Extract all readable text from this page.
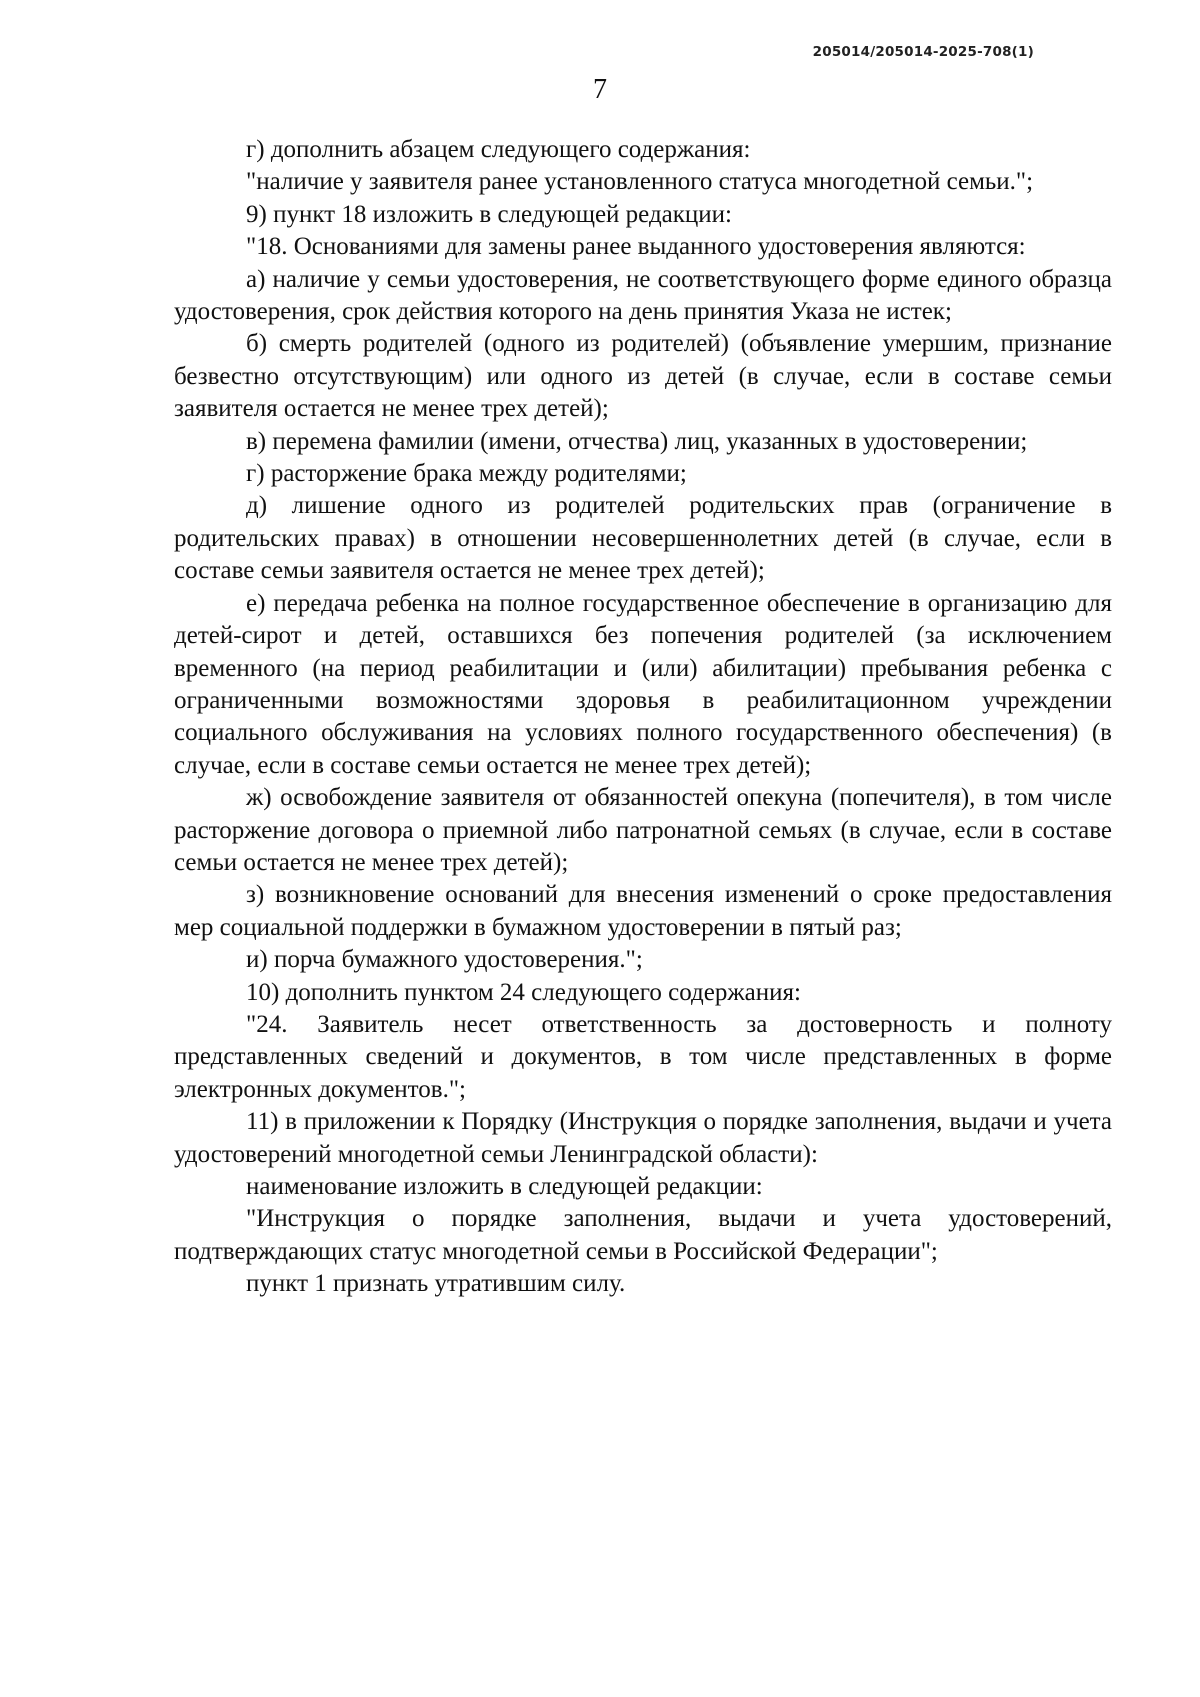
205014/205014-2025-708(1)
7

г) дополнить абзацем следующего содержания:

"наличие у заявителя ранее установленного статуса многодетной семьи.";

9) пункт 18 изложить в следующей редакции:

"18. Основаниями для замены ранее выданного удостоверения являются:

а) наличие у семьи удостоверения, не соответствующего форме единого образца удостоверения, срок действия которого на день принятия Указа не истек;

б) смерть родителей (одного из родителей) (объявление умершим, признание безвестно отсутствующим) или одного из детей (в случае, если в составе семьи заявителя остается не менее трех детей);

в) перемена фамилии (имени, отчества) лиц, указанных в удостоверении;

г) расторжение брака между родителями;

д) лишение одного из родителей родительских прав (ограничение в родительских правах) в отношении несовершеннолетних детей (в случае, если в составе семьи заявителя остается не менее трех детей);

е) передача ребенка на полное государственное обеспечение в организацию для детей-сирот и детей, оставшихся без попечения родителей (за исключением временного (на период реабилитации и (или) абилитации) пребывания ребенка с ограниченными возможностями здоровья в реабилитационном учреждении социального обслуживания на условиях полного государственного обеспечения) (в случае, если в составе семьи остается не менее трех детей);

ж) освобождение заявителя от обязанностей опекуна (попечителя), в том числе расторжение договора о приемной либо патронатной семьях (в случае, если в составе семьи остается не менее трех детей);

з) возникновение оснований для внесения изменений о сроке предоставления мер социальной поддержки в бумажном удостоверении в пятый раз;

и) порча бумажного удостоверения.";

10) дополнить пунктом 24 следующего содержания:

"24. Заявитель несет ответственность за достоверность и полноту представленных сведений и документов, в том числе представленных в форме электронных документов.";

11) в приложении к Порядку (Инструкция о порядке заполнения, выдачи и учета удостоверений многодетной семьи Ленинградской области):

наименование изложить в следующей редакции:

"Инструкция о порядке заполнения, выдачи и учета удостоверений, подтверждающих статус многодетной семьи в Российской Федерации";

пункт 1 признать утратившим силу.
